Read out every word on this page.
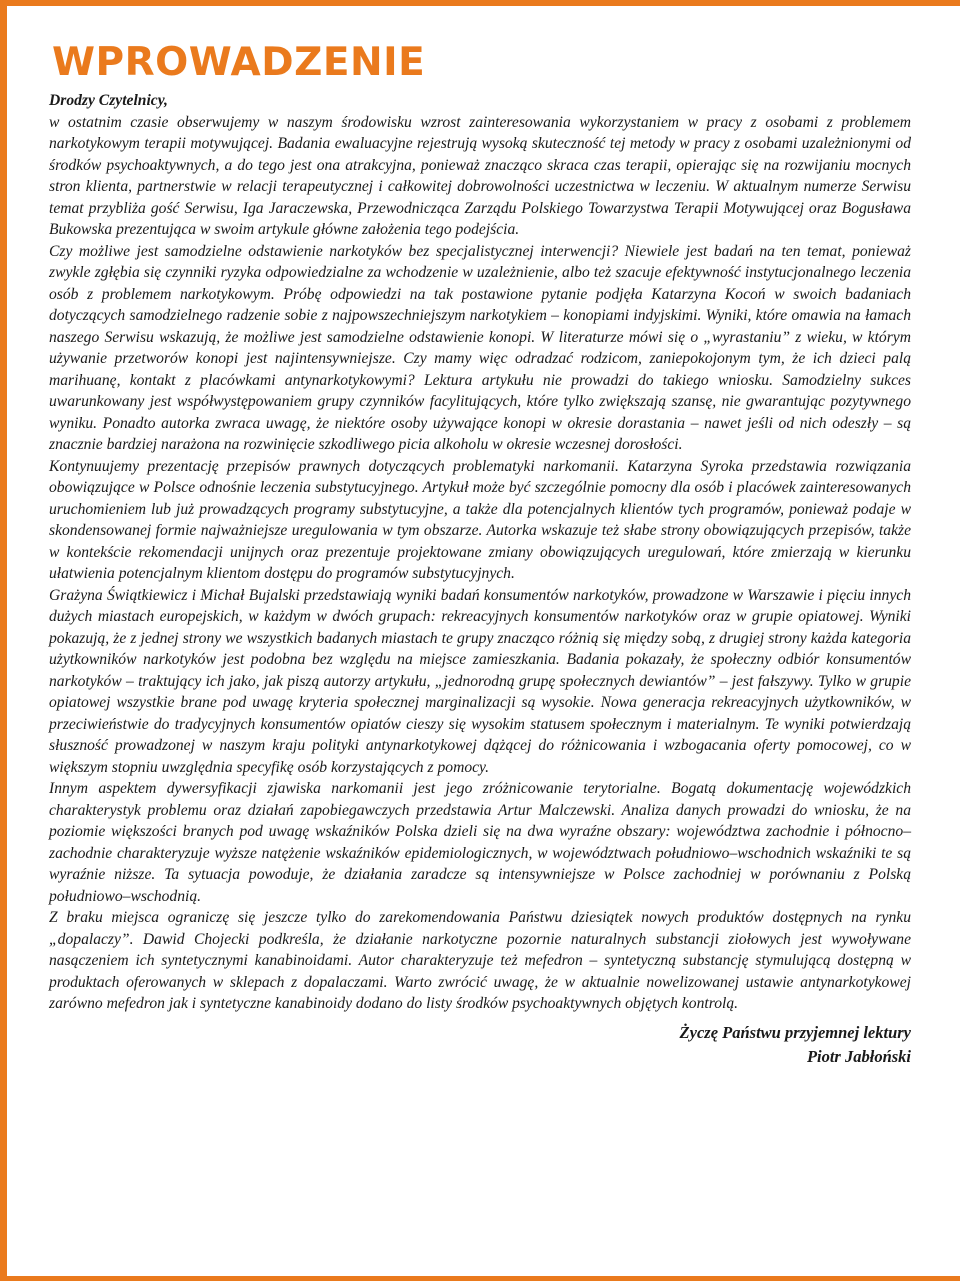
WPROWADZENIE

Drodzy Czytelnicy,

w ostatnim czasie obserwujemy w naszym środowisku wzrost zainteresowania wykorzystaniem w pracy z osobami z problemem narkotykowym terapii motywującej. Badania ewaluacyjne rejestrują wysoką skuteczność tej metody w pracy z osobami uzależnionymi od środków psychoaktywnych, a do tego jest ona atrakcyjna, ponieważ znacząco skraca czas terapii, opierając się na rozwijaniu mocnych stron klienta, partnerstwie w relacji terapeutycznej i całkowitej dobrowolności uczestnictwa w leczeniu. W aktualnym numerze Serwisu temat przybliża gość Serwisu, Iga Jaraczewska, Przewodnicząca Zarządu Polskiego Towarzystwa Terapii Motywującej oraz Bogusława Bukowska prezentująca w swoim artykule główne założenia tego podejścia.

Czy możliwe jest samodzielne odstawienie narkotyków bez specjalistycznej interwencji? Niewiele jest badań na ten temat, ponieważ zwykle zgłębia się czynniki ryzyka odpowiedzialne za wchodzenie w uzależnienie, albo też szacuje efektywność instytucjonalnego leczenia osób z problemem narkotykowym. Próbę odpowiedzi na tak postawione pytanie podjęła Katarzyna Kocoń w swoich badaniach dotyczących samodzielnego radzenie sobie z najpowszechniejszym narkotykiem – konopiami indyjskimi. Wyniki, które omawia na łamach naszego Serwisu wskazują, że możliwe jest samodzielne odstawienie konopi. W literaturze mówi się o „wyrastaniu” z wieku, w którym używanie przetworów konopi jest najintensywniejsze. Czy mamy więc odradzać rodzicom, zaniepokojonym tym, że ich dzieci palą marihuanę, kontakt z placówkami antynarkotykowymi? Lektura artykułu nie prowadzi do takiego wniosku. Samodzielny sukces uwarunkowany jest współwystępowaniem grupy czynników facylitujących, które tylko zwiększają szansę, nie gwarantując pozytywnego wyniku. Ponadto autorka zwraca uwagę, że niektóre osoby używające konopi w okresie dorastania – nawet jeśli od nich odeszły – są znacznie bardziej narażona na rozwinięcie szkodliwego picia alkoholu w okresie wczesnej dorosłości.

Kontynuujemy prezentację przepisów prawnych dotyczących problematyki narkomanii. Katarzyna Syroka przedstawia rozwiązania obowiązujące w Polsce odnośnie leczenia substytucyjnego. Artykuł może być szczególnie pomocny dla osób i placówek zainteresowanych uruchomieniem lub już prowadzących programy substytucyjne, a także dla potencjalnych klientów tych programów, ponieważ podaje w skondensowanej formie najważniejsze uregulowania w tym obszarze. Autorka wskazuje też słabe strony obowiązujących przepisów, także w kontekście rekomendacji unijnych oraz prezentuje projektowane zmiany obowiązujących uregulowań, które zmierzają w kierunku ułatwienia potencjalnym klientom dostępu do programów substytucyjnych.

Grażyna Świątkiewicz i Michał Bujalski przedstawiają wyniki badań konsumentów narkotyków, prowadzone w Warszawie i pięciu innych dużych miastach europejskich, w każdym w dwóch grupach: rekreacyjnych konsumentów narkotyków oraz w grupie opiatowej. Wyniki pokazują, że z jednej strony we wszystkich badanych miastach te grupy znacząco różnią się między sobą, z drugiej strony każda kategoria użytkowników narkotyków jest podobna bez względu na miejsce zamieszkania. Badania pokazały, że społeczny odbiór konsumentów narkotyków – traktujący ich jako, jak piszą autorzy artykułu, „jednorodną grupę społecznych dewiantów” – jest fałszywy. Tylko w grupie opiatowej wszystkie brane pod uwagę kryteria społecznej marginalizacji są wysokie. Nowa generacja rekreacyjnych użytkowników, w przeciwieństwie do tradycyjnych konsumentów opiatów cieszy się wysokim statusem społecznym i materialnym. Te wyniki potwierdzają słuszność prowadzonej w naszym kraju polityki antynarkotykowej dążącej do różnicowania i wzbogacania oferty pomocowej, co w większym stopniu uwzględnia specyfikę osób korzystających z pomocy.

Innym aspektem dywersyfikacji zjawiska narkomanii jest jego zróżnicowanie terytorialne. Bogatą dokumentację wojewódzkich charakterystyk problemu oraz działań zapobiegawczych przedstawia Artur Malczewski. Analiza danych prowadzi do wniosku, że na poziomie większości branych pod uwagę wskaźników Polska dzieli się na dwa wyraźne obszary: województwa zachodnie i północno–zachodnie charakteryzuje wyższe natężenie wskaźników epidemiologicznych, w województwach południowo–wschodnich wskaźniki te są wyraźnie niższe. Ta sytuacja powoduje, że działania zaradcze są intensywniejsze w Polsce zachodniej w porównaniu z Polską południowo–wschodnią.

Z braku miejsca ograniczę się jeszcze tylko do zarekomendowania Państwu dziesiątek nowych produktów dostępnych na rynku „dopalaczy”. Dawid Chojecki podkreśla, że działanie narkotyczne pozornie naturalnych substancji ziołowych jest wywoływane nasączeniem ich syntetycznymi kanabinoidami. Autor charakteryzuje też mefedron – syntetyczną substancję stymulującą dostępną w produktach oferowanych w sklepach z dopalaczami. Warto zwrócić uwagę, że w aktualnie nowelizowanej ustawie antynarkotykowej zarówno mefedron jak i syntetyczne kanabinoidy dodano do listy środków psychoaktywnych objętych kontrolą.

Życzę Państwu przyjemnej lektury
Piotr Jabłoński
